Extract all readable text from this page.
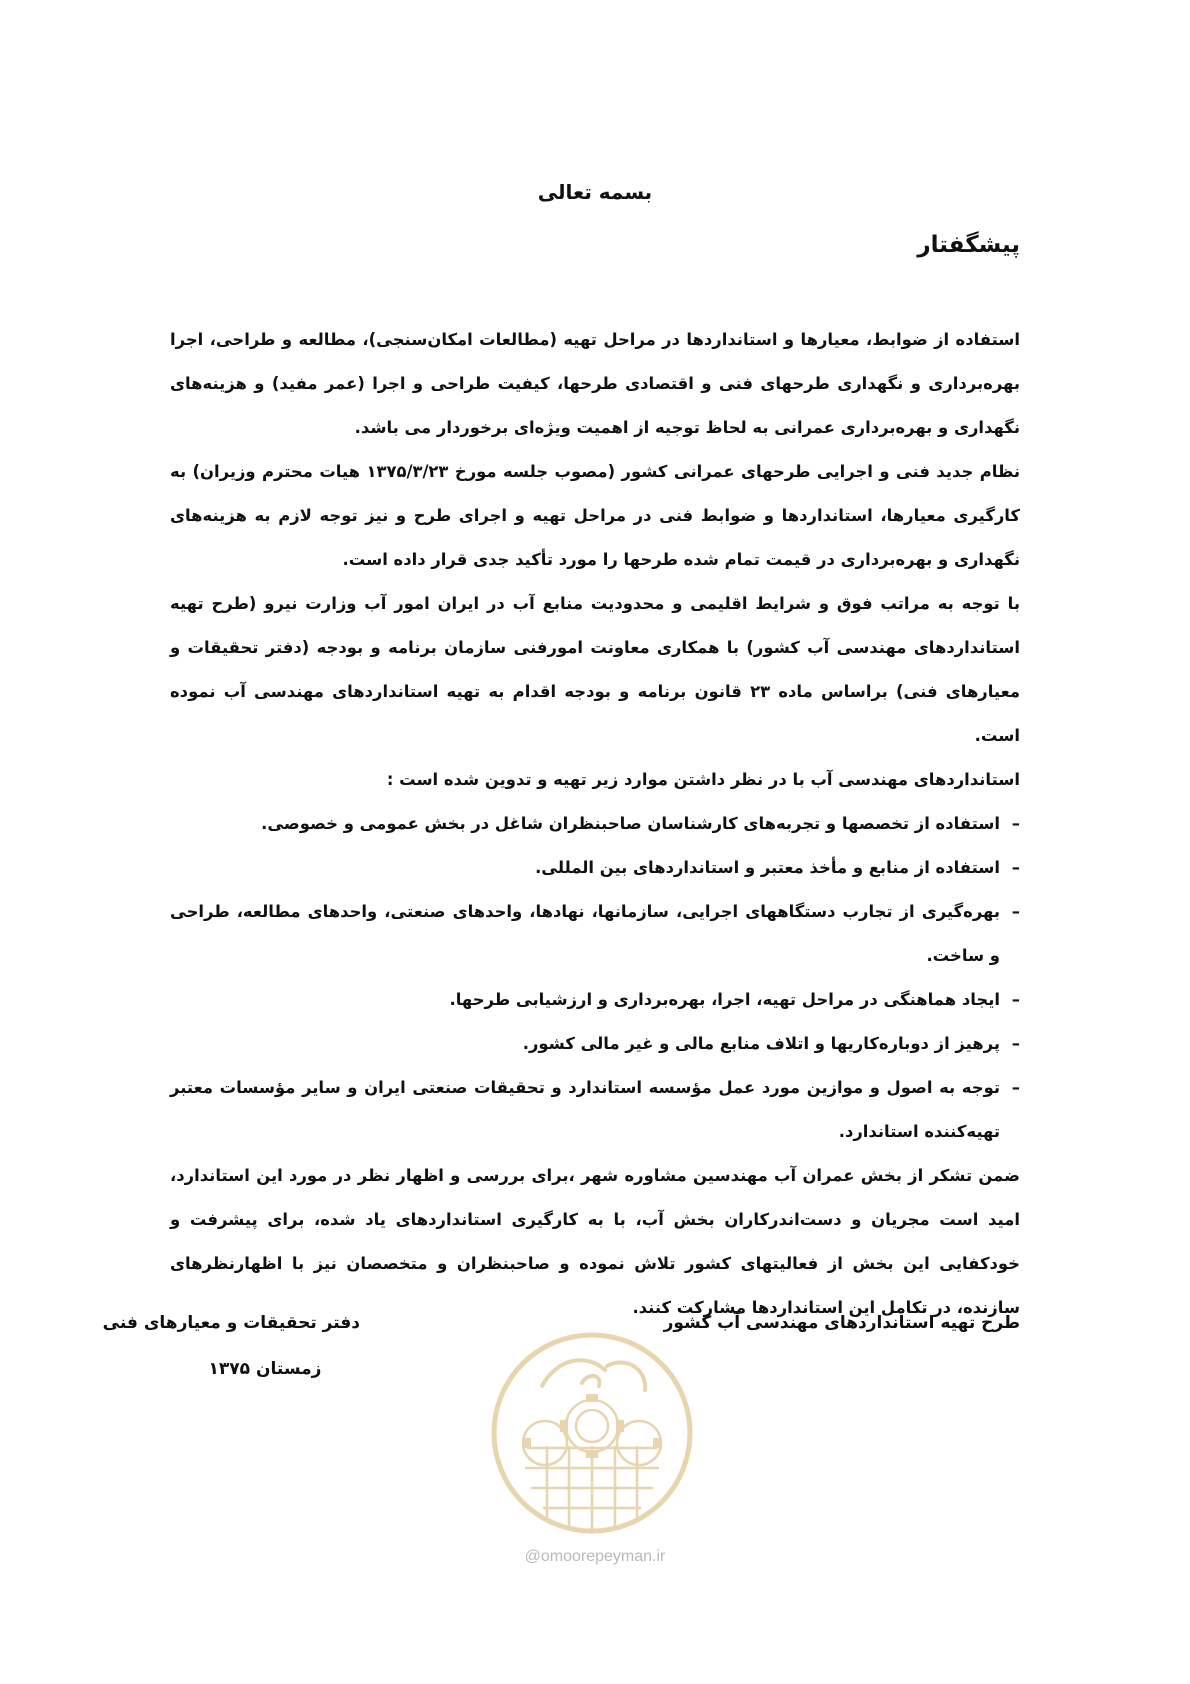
بسمه تعالی
پیشگفتار

استفاده از ضوابط، معیارها و استانداردها در مراحل تهیه (مطالعات امکان‌سنجی)، مطالعه و طراحی، اجرا بهره‌برداری و نگهداری طرحهای فنی و اقتصادی طرحها، کیفیت طراحی و اجرا (عمر مفید) و هزینه‌های نگهداری و بهره‌برداری عمرانی به لحاظ توجیه از اهمیت ویژه‌ای برخوردار می باشد.

نظام جدید فنی و اجرایی طرحهای عمرانی کشور (مصوب جلسه مورخ ۱۳۷۵/۳/۲۳ هیات محترم وزیران) به کارگیری معیارها، استانداردها و ضوابط فنی در مراحل تهیه و اجرای طرح و نیز توجه لازم به هزینه‌های نگهداری و بهره‌برداری در قیمت تمام شده طرحها را مورد تأکید جدی قرار داده است.

با توجه به مراتب فوق و شرایط اقلیمی و محدودیت منابع آب در ایران امور آب وزارت نیرو (طرح تهیه استانداردهای مهندسی آب کشور) با همکاری معاونت امورفنی سازمان برنامه و بودجه (دفتر تحقیقات و معیارهای فنی) براساس ماده ۲۳ قانون برنامه و بودجه اقدام به تهیه استانداردهای مهندسی آب نموده است.

استانداردهای مهندسی آب با در نظر داشتن موارد زیر تهیه و تدوین شده است :

– استفاده از تخصصها و تجربه‌های کارشناسان صاحبنظران شاغل در بخش عمومی و خصوصی.
– استفاده از منابع و مأخذ معتبر و استانداردهای بین المللی.
– بهره‌گیری از تجارب دستگاههای اجرایی، سازمانها، نهادها، واحدهای صنعتی، واحدهای مطالعه، طراحی و ساخت.
– ایجاد هماهنگی در مراحل تهیه، اجرا، بهره‌برداری و ارزشیابی طرحها.
– پرهیز از دوباره‌کاریها و اتلاف منابع مالی و غیر مالی کشور.
– توجه به اصول و موازین مورد عمل مؤسسه استاندارد و تحقیقات صنعتی ایران و سایر مؤسسات معتبر تهیه‌کننده استاندارد.

ضمن تشکر از بخش عمران آب مهندسین مشاوره شهر ،برای بررسی و اظهار نظر در مورد این استاندارد، امید است مجریان و دست‌اندرکاران بخش آب، با به کارگیری استانداردهای یاد شده، برای پیشرفت و خودکفایی این بخش از فعالیتهای کشور تلاش نموده و صاحبنظران و متخصصان نیز با اظهارنظرهای سازنده، در تکامل این استانداردها مشارکت کنند.

طرح تهیه استانداردهای مهندسی آب کشور
دفتر تحقیقات و معیارهای فنی
زمستان ۱۳۷۵
@omoorepeyman.ir
